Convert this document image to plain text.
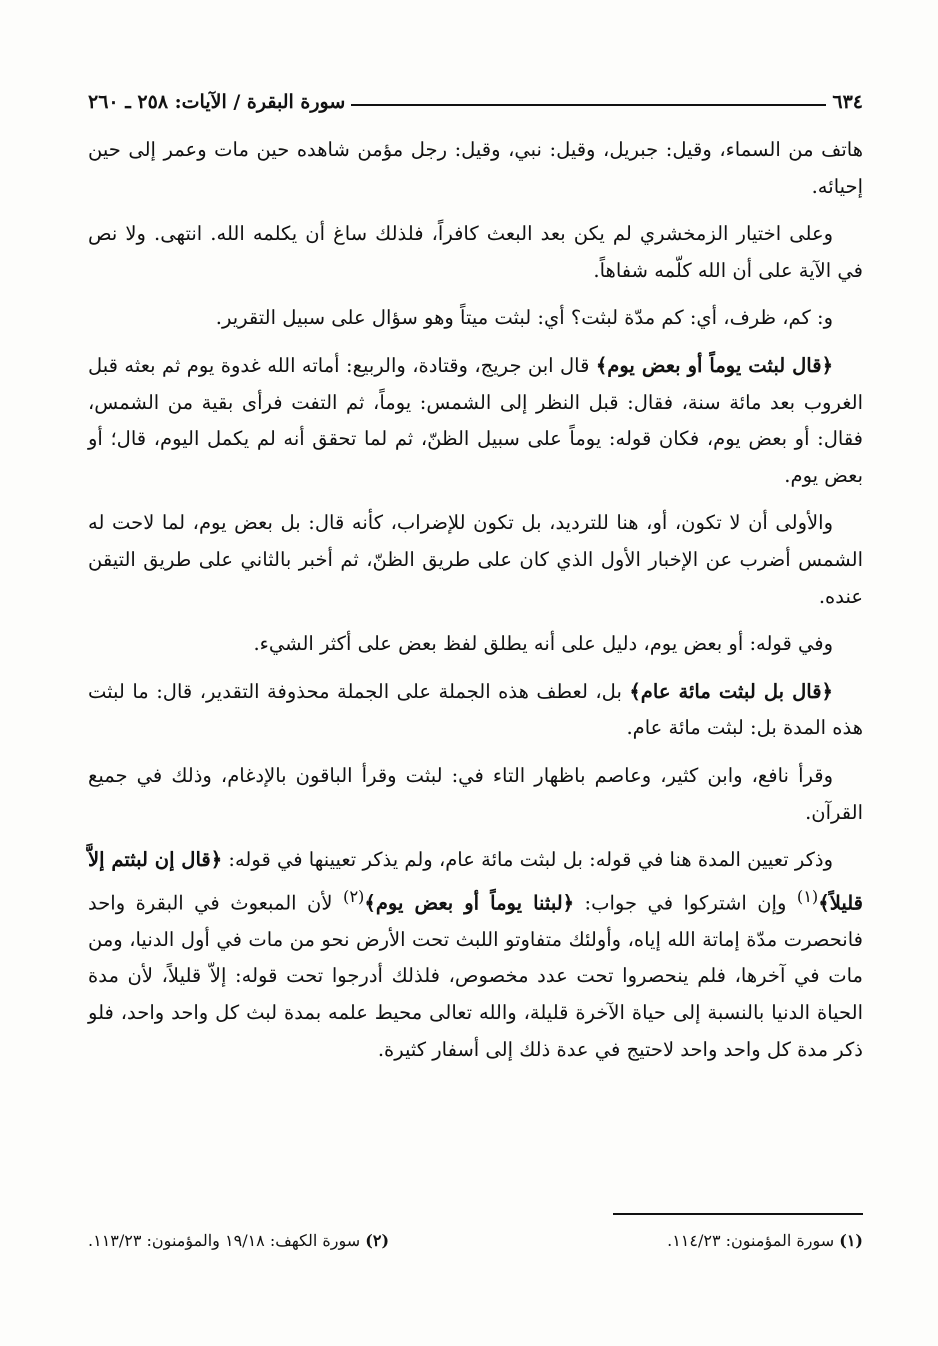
٦٣٤
سورة البقرة / الآيات: ٢٥٨ ـ ٢٦٠

هاتف من السماء، وقيل: جبريل، وقيل: نبي، وقيل: رجل مؤمن شاهده حين مات وعمر إلى حين إحيائه.

وعلى اختيار الزمخشري لم يكن بعد البعث كافراً، فلذلك ساغ أن يكلمه الله. انتهى. ولا نص في الآية على أن الله كلّمه شفاهاً.

و: كم، ظرف، أي: كم مدّة لبثت؟ أي: لبثت ميتاً وهو سؤال على سبيل التقرير.

﴿قال لبثت يوماً أو بعض يوم﴾ قال ابن جريج، وقتادة، والربيع: أماته الله غدوة يوم ثم بعثه قبل الغروب بعد مائة سنة، فقال: قبل النظر إلى الشمس: يوماً، ثم التفت فرأى بقية من الشمس، فقال: أو بعض يوم، فكان قوله: يوماً على سبيل الظنّ، ثم لما تحقق أنه لم يكمل اليوم، قال؛ أو بعض يوم.

والأولى أن لا تكون، أو، هنا للترديد، بل تكون للإضراب، كأنه قال: بل بعض يوم، لما لاحت له الشمس أضرب عن الإخبار الأول الذي كان على طريق الظنّ، ثم أخبر بالثاني على طريق التيقن عنده.

وفي قوله: أو بعض يوم، دليل على أنه يطلق لفظ بعض على أكثر الشيء.

﴿قال بل لبثت مائة عام﴾ بل، لعطف هذه الجملة على الجملة محذوفة التقدير، قال: ما لبثت هذه المدة بل: لبثت مائة عام.

وقرأ نافع، وابن كثير، وعاصم باظهار التاء في: لبثت وقرأ الباقون بالإدغام، وذلك في جميع القرآن.

وذكر تعيين المدة هنا في قوله: بل لبثت مائة عام، ولم يذكر تعيينها في قوله: ﴿قال إن لبثتم إلاَّ قليلاً﴾$^{(١)}$ وإن اشتركوا في جواب: ﴿لبثنا يوماً أو بعض يوم﴾$^{(٢)}$ لأن المبعوث في البقرة واحد فانحصرت مدّة إماتة الله إياه، وأولئك متفاوتو اللبث تحت الأرض نحو من مات في أول الدنيا، ومن مات في آخرها، فلم ينحصروا تحت عدد مخصوص، فلذلك أدرجوا تحت قوله: إلاّ قليلاً، لأن مدة الحياة الدنيا بالنسبة إلى حياة الآخرة قليلة، والله تعالى محيط علمه بمدة لبث كل واحد واحد، فلو ذكر مدة كل واحد واحد لاحتيج في عدة ذلك إلى أسفار كثيرة.

(١) سورة المؤمنون: ١١٤/٢٣.
(٢) سورة الكهف: ١٩/١٨ والمؤمنون: ١١٣/٢٣.
